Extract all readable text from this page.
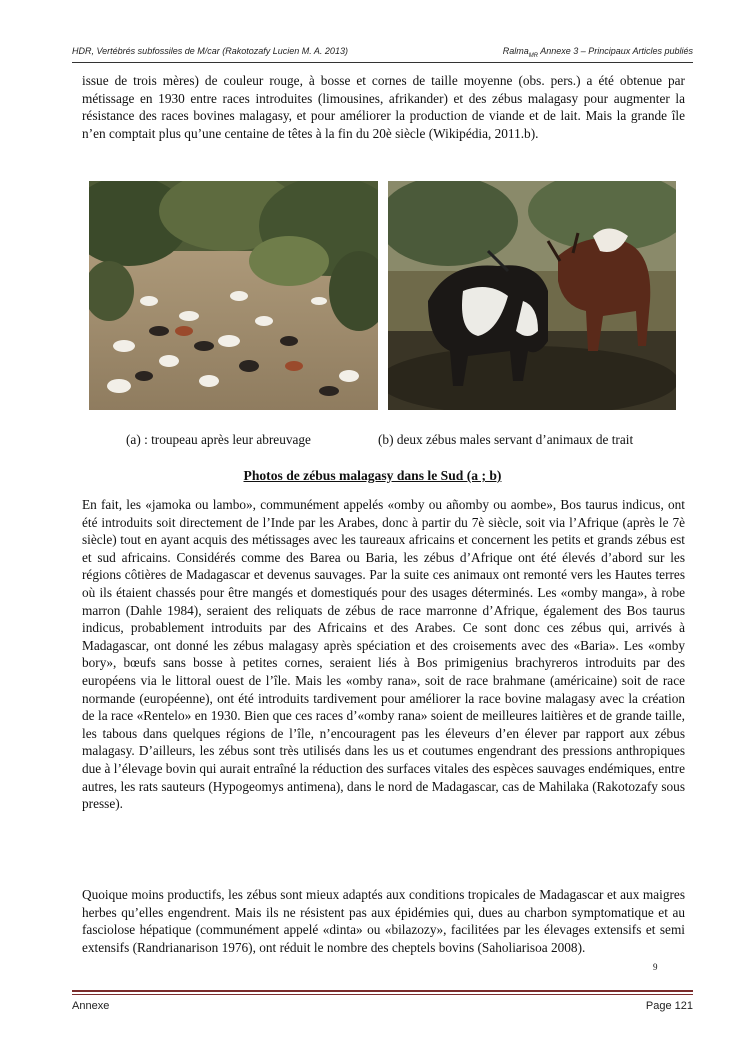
HDR, Vertébrés subfossiles de M/car (Rakotozafy Lucien M. A. 2013)	Ralma$_{MR}$ Annexe 3 – Principaux Articles publiés

issue de trois mères) de couleur rouge, à bosse et cornes de taille moyenne (obs. pers.) a été obtenue par métissage en 1930 entre races introduites (limousines, afrikander) et des zébus malagasy pour augmenter la résistance des races bovines malagasy, et pour améliorer la production de viande et de lait. Mais la grande île n’en comptait plus qu’une centaine de têtes à la fin du 20è siècle (Wikipédia, 2011.b).

(a) : troupeau après leur abreuvage	(b) deux zébus males servant d’animaux de trait
Photos de zébus malagasy dans le Sud (a ; b)

En fait, les «jamoka ou lambo», communément appelés «omby ou añomby ou aombe», Bos taurus indicus, ont été introduits soit directement de l’Inde par les Arabes, donc à partir du 7è siècle, soit via l’Afrique (après le 7è siècle) tout en ayant acquis des métissages avec les taureaux africains et concernent les petits et grands zébus est et sud africains. Considérés comme des Barea ou Baria, les zébus d’Afrique ont été élevés d’abord sur les régions côtières de Madagascar et devenus sauvages. Par la suite ces animaux ont remonté vers les Hautes terres où ils étaient chassés pour être mangés et domestiqués pour des usages déterminés. Les «omby manga», à robe marron (Dahle 1984), seraient des reliquats de zébus de race marronne d’Afrique, également des Bos taurus indicus, probablement introduits par des Africains et des Arabes. Ce sont donc ces zébus qui, arrivés à Madagascar, ont donné les zébus malagasy après spéciation et des croisements avec des «Baria». Les «omby bory», bœufs sans bosse à petites cornes, seraient liés à Bos primigenius brachyreros introduits par des européens via le littoral ouest de l’île. Mais les «omby rana», soit de race brahmane (américaine) soit de race normande (européenne), ont été introduits tardivement pour améliorer la race bovine malagasy avec la création de la race «Rentelo» en 1930. Bien que ces races d’«omby rana» soient de meilleures laitières et de grande taille, les tabous dans quelques régions de l’île, n’encouragent pas les éleveurs d’en élever par rapport aux zébus malagasy. D’ailleurs, les zébus sont très utilisés dans les us et coutumes engendrant des pressions anthropiques due à l’élevage bovin qui aurait entraîné la réduction des surfaces vitales des espèces sauvages endémiques, entre autres, les rats sauteurs (Hypogeomys antimena), dans le nord de Madagascar, cas de Mahilaka (Rakotozafy sous presse).

Quoique moins productifs, les zébus sont mieux adaptés aux conditions tropicales de Madagascar et aux maigres herbes qu’elles engendrent. Mais ils ne résistent pas aux épidémies qui, dues au charbon symptomatique et au fasciolose hépatique (communément appelé «dinta» ou «bilazozy», facilitées par les élevages extensifs et semi extensifs (Randrianarison 1976), ont réduit le nombre des cheptels bovins (Saholiarisoa 2008).

9
Annexe	Page 121
